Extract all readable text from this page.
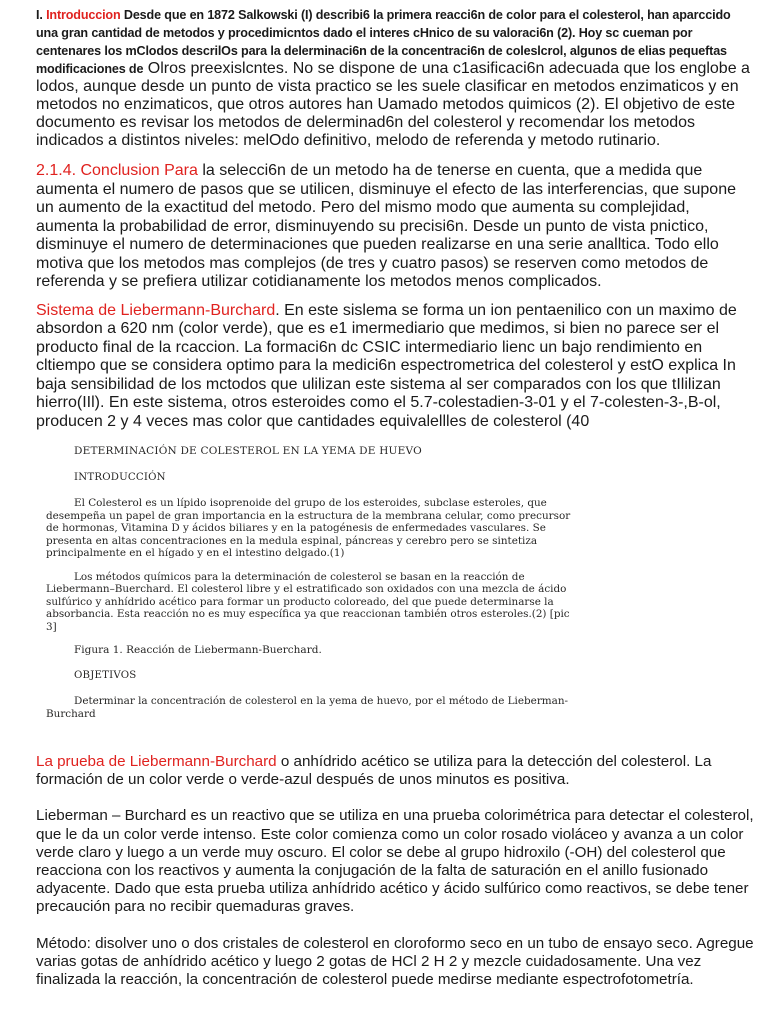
I. Introduccion Desde que en 1872 Salkowski (I) describi6 la primera reacci6n de color para el colesterol, han aparccido una gran cantidad de metodos y procedimicntos dado el interes cHnico de su valoraci6n (2). Hoy sc cueman por centenares los mClodos descrilOs para la delerminaci6n de la concentraci6n de coleslcrol, algunos de elias pequeftas modificaciones de Olros preexislcntes. No se dispone de una c1asificaci6n adecuada que los englobe a lodos, aunque desde un punto de vista practico se les suele clasificar en metodos enzimaticos y en metodos no enzimaticos, que otros autores han Uamado metodos quimicos (2). El objetivo de este documento es revisar los metodos de delerminad6n del colesterol y recomendar los metodos indicados a distintos niveles: melOdo definitivo, melodo de referenda y metodo rutinario.

2.1.4. Conclusion Para la selecci6n de un metodo ha de tenerse en cuenta, que a medida que aumenta el numero de pasos que se utilicen, disminuye el efecto de las interferencias, que supone un aumento de la exactitud del metodo. Pero del mismo modo que aumenta su complejidad, aumenta la probabilidad de error, disminuyendo su precisi6n. Desde un punto de vista pnictico, disminuye el numero de determinaciones que pueden realizarse en una serie analltica. Todo ello motiva que los metodos mas complejos (de tres y cuatro pasos) se reserven como metodos de referenda y se prefiera utilizar cotidianamente los metodos menos complicados.

Sistema de Liebermann-Burchard. En este sislema se forma un ion pentaenilico con un maximo de absordon a 620 nm (color verde), que es e1 imermediario que medimos, si bien no parece ser el producto final de la rcaccion. La formaci6n dc CSIC intermediario lienc un bajo rendimiento en cltiempo que se considera optimo para la medici6n espectrometrica del colesterol y estO explica In baja sensibilidad de los mctodos que ulilizan este sistema al ser comparados con los que tIlilizan hierro(IIl). En este sistema, otros esteroides como el 5.7-colestadien-3-01 y el 7-colesten-3-,B-ol, producen 2 y 4 veces mas color que cantidades equivalellles de colesterol (40

DETERMINACIÓN DE COLESTEROL EN LA YEMA DE HUEVO
INTRODUCCIÓN
El Colesterol es un lípido isoprenoide del grupo de los esteroides, subclase esteroles, que
desempeña un papel de gran importancia en la estructura de la membrana celular, como precursor
de hormonas, Vitamina D y ácidos biliares y en la patogénesis de enfermedades vasculares. Se
presenta en altas concentraciones en la medula espinal, páncreas y cerebro pero se sintetiza
principalmente en el hígado y en el intestino delgado.(1)
Los métodos químicos para la determinación de colesterol se basan en la reacción de
Liebermann–Buerchard. El colesterol libre y el estratificado son oxidados con una mezcla de ácido
sulfúrico y anhídrido acético para formar un producto coloreado, del que puede determinarse la
absorbancia. Esta reacción no es muy específica ya que reaccionan también otros esteroles.(2) [pic
3]
Figura 1. Reacción de Liebermann-Buerchard.
OBJETIVOS
Determinar la concentración de colesterol en la yema de huevo, por el método de Lieberman-
Burchard

La prueba de Liebermann-Burchard o anhídrido acético se utiliza para la detección del colesterol. La formación de un color verde o verde-azul después de unos minutos es positiva.

Lieberman – Burchard es un reactivo que se utiliza en una prueba colorimétrica para detectar el colesterol, que le da un color verde intenso. Este color comienza como un color rosado violáceo y avanza a un color verde claro y luego a un verde muy oscuro. El color se debe al grupo hidroxilo (-OH) del colesterol que reacciona con los reactivos y aumenta la conjugación de la falta de saturación en el anillo fusionado adyacente. Dado que esta prueba utiliza anhídrido acético y ácido sulfúrico como reactivos, se debe tener precaución para no recibir quemaduras graves.

Método: disolver uno o dos cristales de colesterol en cloroformo seco en un tubo de ensayo seco. Agregue varias gotas de anhídrido acético y luego 2 gotas de HCl 2 H 2 y mezcle cuidadosamente. Una vez finalizada la reacción, la concentración de colesterol puede medirse mediante espectrofotometría.
